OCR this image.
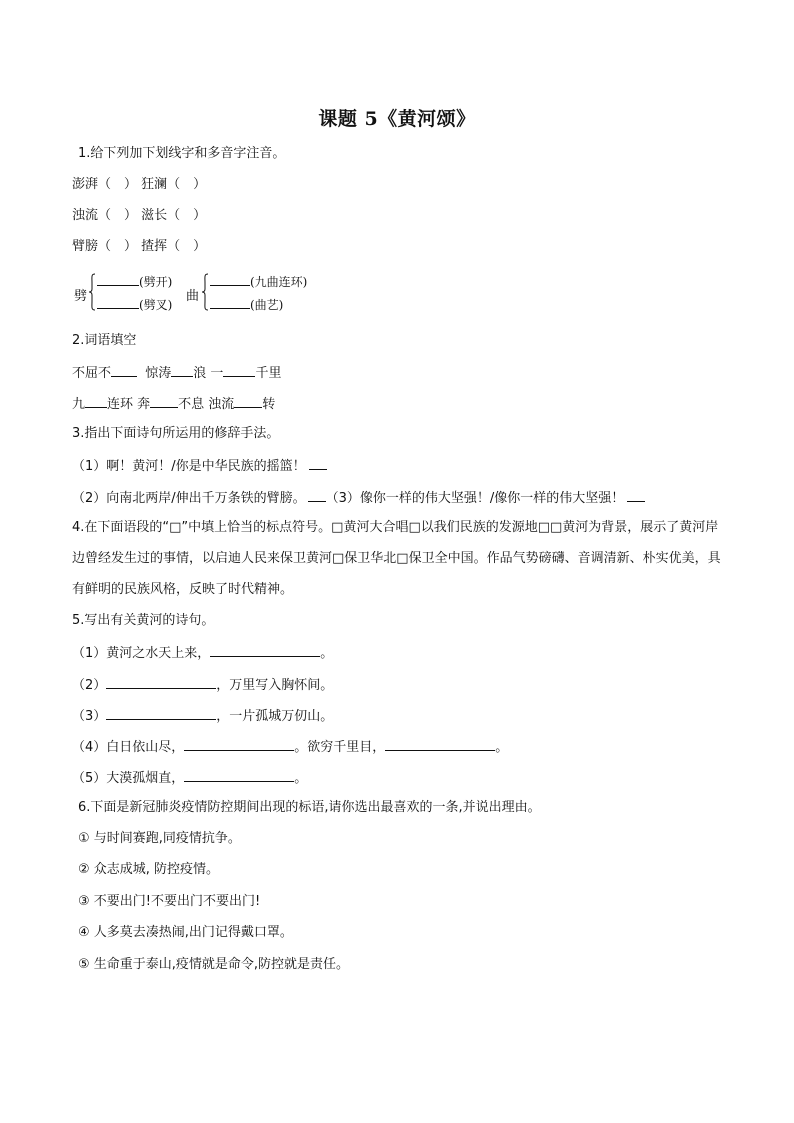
课题 5《黄河颂》
1.给下列加下划线字和多音字注音。
澎湃（　） 狂澜（　）
浊流（　） 滋长（　）
臂膀（　） 揸挥（　）
劈
(劈开)
(劈叉)
曲
(九曲连环)
(曲艺)
2.词语填空
不屈不	惊涛 浪 一 千里
九 连环 奔 不息 浊流 转
3.指出下面诗句所运用的修辞手法。
（1）啊！黄河！/你是中华民族的摇篮！
（2）向南北两岸/伸出千万条铁的臂膀。 （3）像你一样的伟大坚强！/像你一样的伟大坚强！
4.在下面语段的“□”中填上恰当的标点符号。□黄河大合唱□以我们民族的发源地□□黄河为背景，展示了黄河岸边曾经发生过的事情，以启迪人民来保卫黄河□保卫华北□保卫全中国。作品气势磅礴、音调清新、朴实优美，具有鲜明的民族风格，反映了时代精神。
5.写出有关黄河的诗句。
（1）黄河之水天上来，	。
（2）	，万里写入胸怀间。
（3）	，一片孤城万仞山。
（4）白日依山尽，	。欲穷千里目，	。
（5）大漠孤烟直，	。
6.下面是新冠肺炎疫情防控期间出现的标语,请你选出最喜欢的一条,并说出理由。
① 与时间赛跑,同疫情抗争。
② 众志成城, 防控疫情。
③ 不要出门!不要出门不要出门!
④ 人多莫去凑热闹,出门记得戴口罩。
⑤ 生命重于泰山,疫情就是命令,防控就是责任。
